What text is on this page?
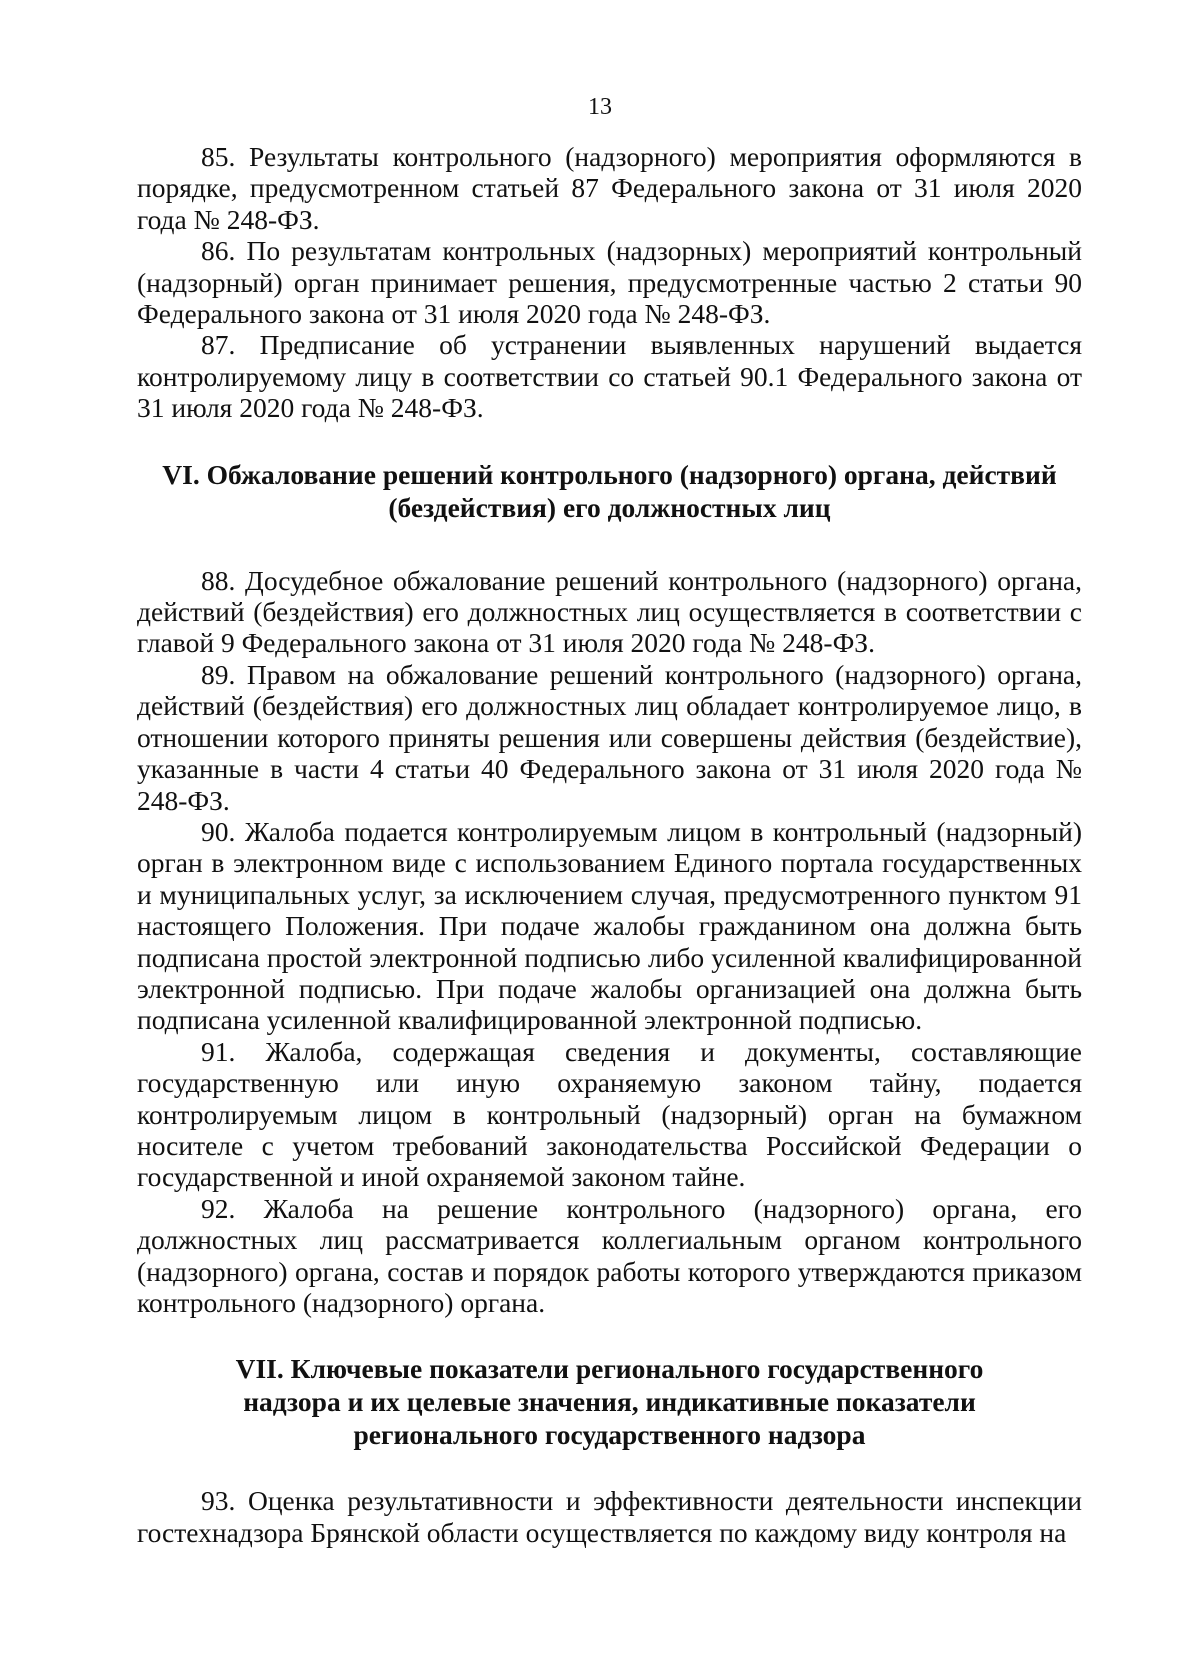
13

85. Результаты контрольного (надзорного) мероприятия оформляются в порядке, предусмотренном статьей 87 Федерального закона от 31 июля 2020 года № 248-ФЗ.

86. По результатам контрольных (надзорных) мероприятий контрольный (надзорный) орган принимает решения, предусмотренные частью 2 статьи 90 Федерального закона от 31 июля 2020 года № 248-ФЗ.

87. Предписание об устранении выявленных нарушений выдается контролируемому лицу в соответствии со статьей 90.1 Федерального закона от 31 июля 2020 года № 248-ФЗ.

VI. Обжалование решений контрольного (надзорного) органа, действий (бездействия) его должностных лиц

88. Досудебное обжалование решений контрольного (надзорного) органа, действий (бездействия) его должностных лиц осуществляется в соответствии с главой 9 Федерального закона от 31 июля 2020 года № 248-ФЗ.

89. Правом на обжалование решений контрольного (надзорного) органа, действий (бездействия) его должностных лиц обладает контролируемое лицо, в отношении которого приняты решения или совершены действия (бездействие), указанные в части 4 статьи 40 Федерального закона от 31 июля 2020 года № 248-ФЗ.

90. Жалоба подается контролируемым лицом в контрольный (надзорный) орган в электронном виде с использованием Единого портала государственных и муниципальных услуг, за исключением случая, предусмотренного пунктом 91 настоящего Положения. При подаче жалобы гражданином она должна быть подписана простой электронной подписью либо усиленной квалифицированной электронной подписью. При подаче жалобы организацией она должна быть подписана усиленной квалифицированной электронной подписью.

91. Жалоба, содержащая сведения и документы, составляющие государственную или иную охраняемую законом тайну, подается контролируемым лицом в контрольный (надзорный) орган на бумажном носителе с учетом требований законодательства Российской Федерации о государственной и иной охраняемой законом тайне.

92. Жалоба на решение контрольного (надзорного) органа, его должностных лиц рассматривается коллегиальным органом контрольного (надзорного) органа, состав и порядок работы которого утверждаются приказом контрольного (надзорного) органа.

VII. Ключевые показатели регионального государственного надзора и их целевые значения, индикативные показатели регионального государственного надзора

93. Оценка результативности и эффективности деятельности инспекции гостехнадзора Брянской области осуществляется по каждому виду контроля на
